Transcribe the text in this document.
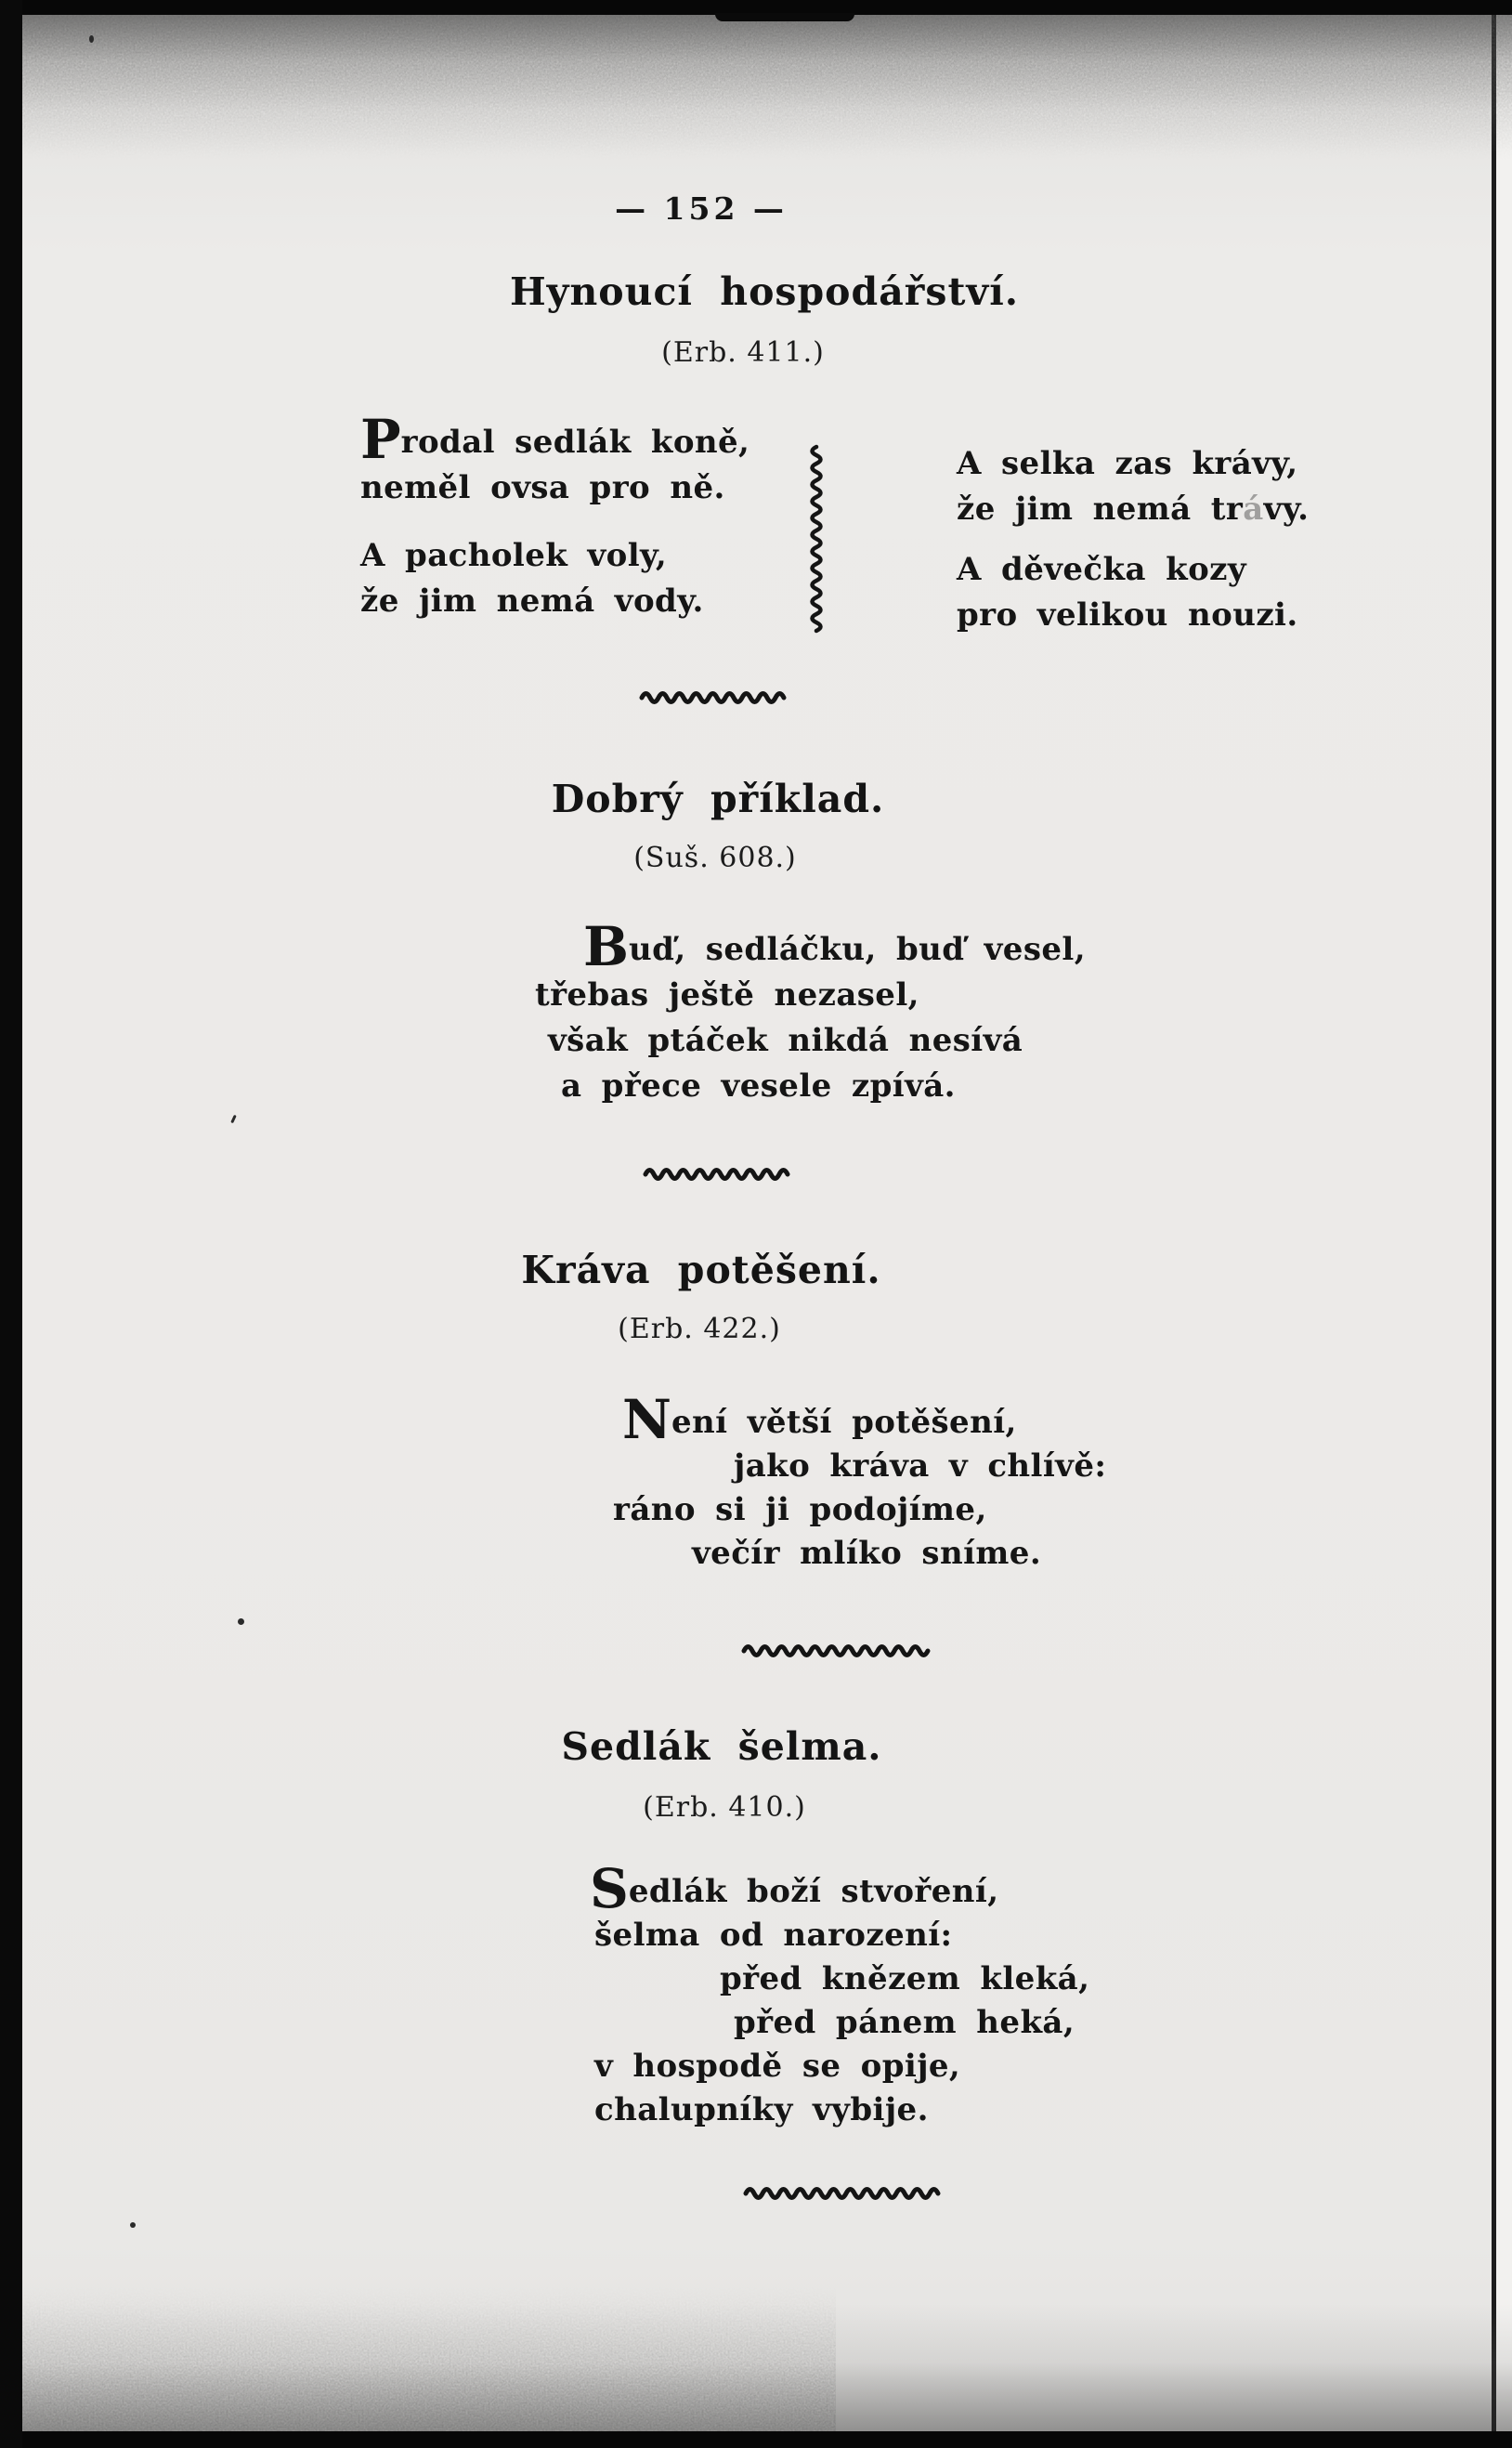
— 152 —
Hynoucí hospodářství.
(Erb. 411.)
Prodal sedlák koně,
neměl ovsa pro ně.
A pacholek voly,
že jim nemá vody.
A selka zas krávy,
že jim nemá trávy.
A děvečka kozy
pro velikou nouzi.
Dobrý příklad.
(Suš. 608.)
Buď, sedláčku, buď vesel,
třebas ještě nezasel,
však ptáček nikdá nesívá
a přece vesele zpívá.
Kráva potěšení.
(Erb. 422.)
Není větší potěšení,
jako kráva v chlívě:
ráno si ji podojíme,
večír mlíko sníme.
Sedlák šelma.
(Erb. 410.)
Sedlák boží stvoření,
šelma od narození:
před knězem kleká,
před pánem heká,
v hospodě se opije,
chalupníky vybije.
